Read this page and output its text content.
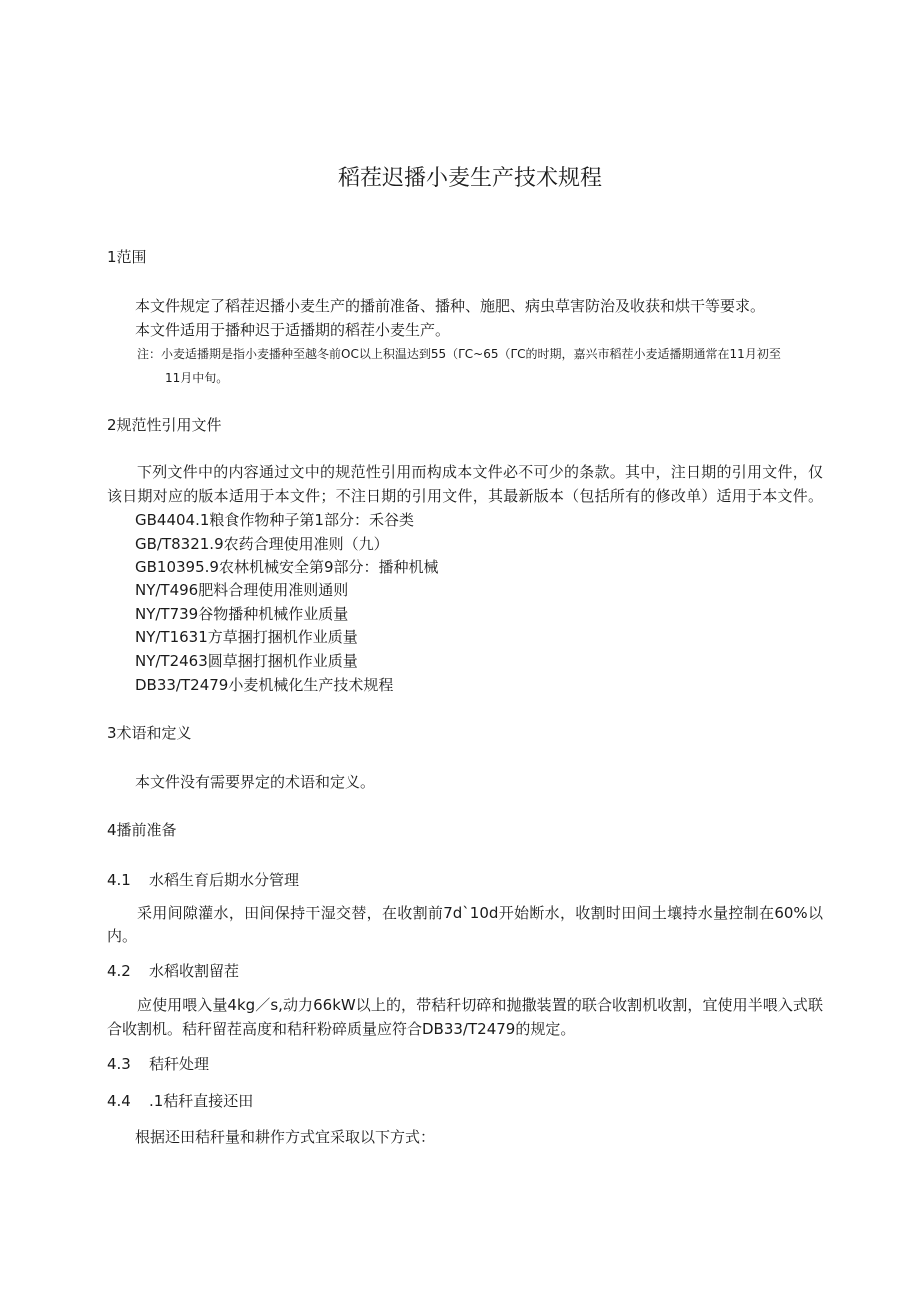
稻茬迟播小麦生产技术规程
1范围
本文件规定了稻茬迟播小麦生产的播前准备、播种、施肥、病虫草害防治及收获和烘干等要求。
本文件适用于播种迟于适播期的稻茬小麦生产。
注：小麦适播期是指小麦播种至越冬前OC以上积温达到55（ΓC~65（ΓC的时期，嘉兴市稻茬小麦适播期通常在11月初至
11月中旬。
2规范性引用文件
下列文件中的内容通过文中的规范性引用而构成本文件必不可少的条款。其中，注日期的引用文件，仅
该日期对应的版本适用于本文件；不注日期的引用文件，其最新版本（包括所有的修改单）适用于本文件。
GB4404.1粮食作物种子第1部分：禾谷类
GB/T8321.9农药合理使用准则（九）
GB10395.9农林机械安全第9部分：播种机械
NY/T496肥料合理使用准则通则
NY/T739谷物播种机械作业质量
NY/T1631方草捆打捆机作业质量
NY/T2463圆草捆打捆机作业质量
DB33/T2479小麦机械化生产技术规程
3术语和定义
本文件没有需要界定的术语和定义。
4播前准备
4.1 水稻生育后期水分管理
采用间隙灌水，田间保持干湿交替，在收割前7d`10d开始断水，收割时田间土壤持水量控制在60%以
内。
4.2 水稻收割留茬
应使用喂入量4kg／s,动力66kW以上的，带秸秆切碎和抛撒装置的联合收割机收割，宜使用半喂入式联
合收割机。秸秆留茬高度和秸秆粉碎质量应符合DB33/T2479的规定。
4.3 秸秆处理
4.4 .1秸秆直接还田
根据还田秸秆量和耕作方式宜采取以下方式：
